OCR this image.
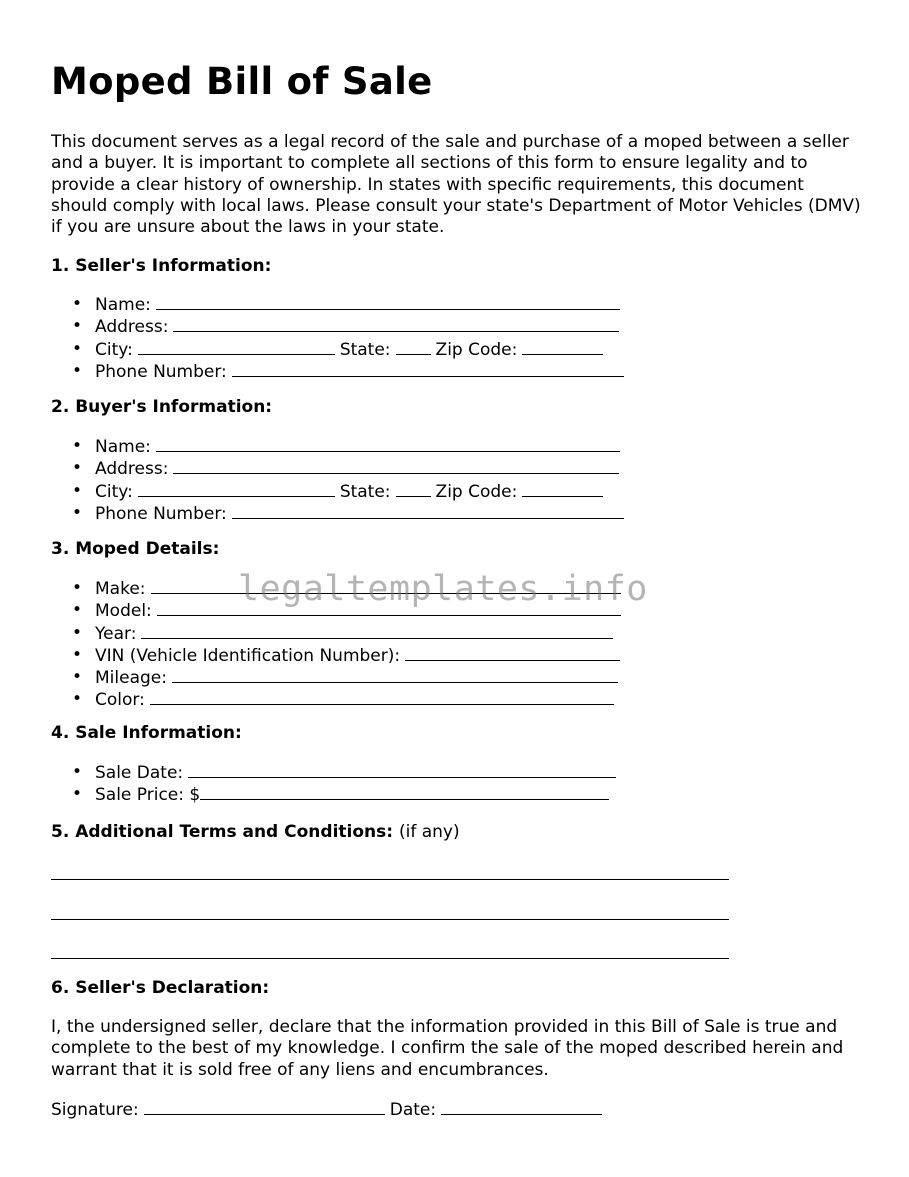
Moped Bill of Sale

This document serves as a legal record of the sale and purchase of a moped between a seller and a buyer. It is important to complete all sections of this form to ensure legality and to provide a clear history of ownership. In states with specific requirements, this document should comply with local laws. Please consult your state's Department of Motor Vehicles (DMV) if you are unsure about the laws in your state.

1. Seller's Information:

• Name:
• Address:
• City:	State:	Zip Code:
• Phone Number:

2. Buyer's Information:

• Name:
• Address:
• City:	State:	Zip Code:
• Phone Number:

3. Moped Details:

• Make:
• Model:
• Year:
• VIN (Vehicle Identification Number):
• Mileage:
• Color:

4. Sale Information:

• Sale Date:
• Sale Price: $

5. Additional Terms and Conditions: (if any)

6. Seller's Declaration:

I, the undersigned seller, declare that the information provided in this Bill of Sale is true and complete to the best of my knowledge. I confirm the sale of the moped described herein and warrant that it is sold free of any liens and encumbrances.

Signature:	Date:

legaltemplates.info
